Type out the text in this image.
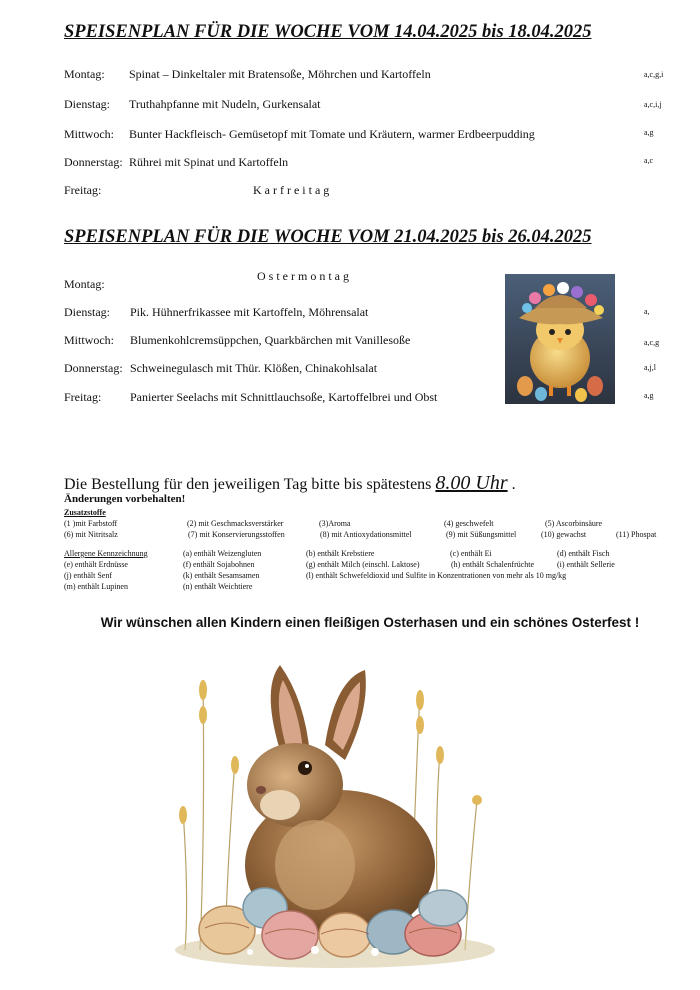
SPEISENPLAN FÜR DIE WOCHE VOM 14.04.2025 bis 18.04.2025
Montag: Spinat – Dinkeltaler mit Bratensoße, Möhrchen und Kartoffeln	a,c,g,i
Dienstag: Truthahpfanne mit Nudeln, Gurkensalat	a,c,i,j
Mittwoch: Bunter Hackfleisch- Gemüsetopf mit Tomate und Kräutern, warmer Erdbeerpudding	a,g
Donnerstag: Rührei mit Spinat und Kartoffeln	a,c
Freitag:	Karfreitag
SPEISENPLAN FÜR DIE WOCHE VOM 21.04.2025 bis 26.04.2025
Montag:
Ostermontag
Dienstag: Pik. Hühnerfrikassee mit Kartoffeln, Möhrensalat	a,
Mittwoch: Blumenkohlcremsüppchen, Quarkbärchen mit Vanillesoße	a,c,g
Donnerstag: Schweinegulasch mit Thür. Klößen, Chinakohlsalat	a,j,l
Freitag: Panierter Seelachs mit Schnittlauchsoße, Kartoffelbrei und Obst	a,g
Die Bestellung für den jeweiligen Tag bitte bis spätestens 8.00 Uhr .
Änderungen vorbehalten!
Zusatzstoffe
(1 )mit Farbstoff	(2) mit Geschmacksverstärker	(3)Aroma	(4) geschwefelt	(5) Ascorbinsäure
(6) mit Nitritsalz	(7) mit Konservierungsstoffen	(8) mit Antioxydationsmittel	(9) mit Süßungsmittel	(10) gewachst	(11) Phospat
Allergene Kennzeichnung	(a) enthält Weizengluten	(b) enthält Krebstiere	(c) enthält Ei	(d) enthält Fisch
(e) enthält Erdnüsse	(f) enthält Sojabohnen	(g) enthält Milch (einschl. Laktose)	(h) enthält Schalenfrüchte	(i) enthält Sellerie
(j) enthält Senf	(k) enthält Sesamsamen	(l) enthält Schwefeldioxid und Sulfite in Konzentrationen von mehr als 10 mg/kg
(m) enthält Lupinen	(n) enthält Weichtiere
Wir wünschen allen Kindern einen fleißigen Osterhasen und ein schönes Osterfest !
